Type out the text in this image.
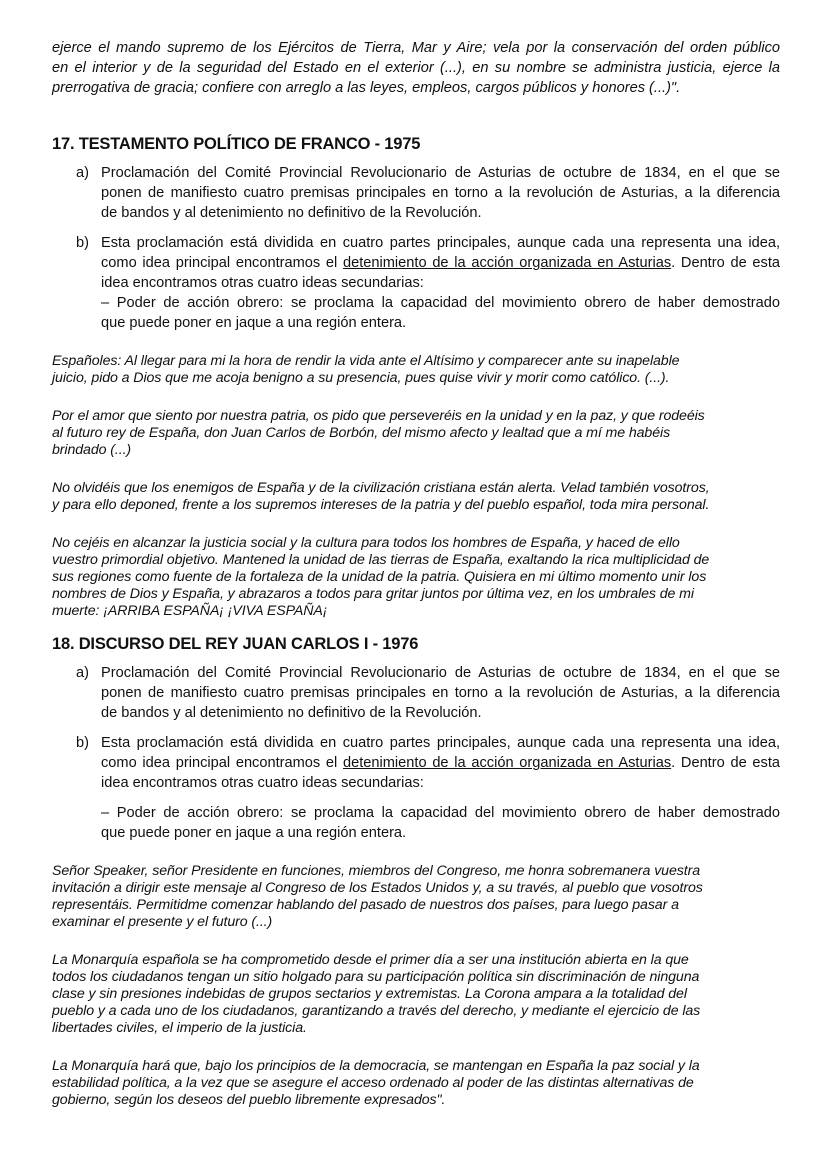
ejerce el mando supremo de los Ejércitos de Tierra, Mar y Aire; vela por la conservación del orden público
en el interior y de la seguridad del Estado en el exterior (...), en su nombre se administra justicia, ejerce la
prerrogativa de gracia; confiere con arreglo a las leyes, empleos, cargos públicos y honores (...)".
17. TESTAMENTO POLÍTICO DE FRANCO - 1975
a) Proclamación del Comité Provincial Revolucionario de Asturias de octubre de 1834, en el que se
ponen de manifiesto cuatro premisas principales en torno a la revolución de Asturias, a la diferencia
de bandos y al detenimiento no definitivo de la Revolución.
b) Esta proclamación está dividida en cuatro partes principales, aunque cada una representa una idea,
como idea principal encontramos el detenimiento de la acción organizada en Asturias. Dentro de esta
idea encontramos otras cuatro ideas secundarias:
– Poder de acción obrero: se proclama la capacidad del movimiento obrero de haber demostrado
que puede poner en jaque a una región entera.
Españoles: Al llegar para mi la hora de rendir la vida ante el Altísimo y comparecer ante su inapelable
juicio, pido a Dios que me acoja benigno a su presencia, pues quise vivir y morir como católico. (...).
Por el amor que siento por nuestra patria, os pido que perseveréis en la unidad y en la paz, y que rodeéis
al futuro rey de España, don Juan Carlos de Borbón, del mismo afecto y lealtad que a mí me habéis
brindado (...)
No olvidéis que los enemigos de España y de la civilización cristiana están alerta. Velad también vosotros,
y para ello deponed, frente a los supremos intereses de la patria y del pueblo español, toda mira personal.
No cejéis en alcanzar la justicia social y la cultura para todos los hombres de España, y haced de ello
vuestro primordial objetivo. Mantened la unidad de las tierras de España, exaltando la rica multiplicidad de
sus regiones como fuente de la fortaleza de la unidad de la patria. Quisiera en mi último momento unir los
nombres de Dios y España, y abrazaros a todos para gritar juntos por última vez, en los umbrales de mi
muerte: ¡ARRIBA ESPAÑA¡ ¡VIVA ESPAÑA¡
18. DISCURSO DEL REY JUAN CARLOS I - 1976
a) Proclamación del Comité Provincial Revolucionario de Asturias de octubre de 1834, en el que se
ponen de manifiesto cuatro premisas principales en torno a la revolución de Asturias, a la diferencia
de bandos y al detenimiento no definitivo de la Revolución.
b) Esta proclamación está dividida en cuatro partes principales, aunque cada una representa una idea,
como idea principal encontramos el detenimiento de la acción organizada en Asturias. Dentro de esta
idea encontramos otras cuatro ideas secundarias:
– Poder de acción obrero: se proclama la capacidad del movimiento obrero de haber demostrado
que puede poner en jaque a una región entera.
Señor Speaker, señor Presidente en funciones, miembros del Congreso, me honra sobremanera vuestra
invitación a dirigir este mensaje al Congreso de los Estados Unidos y, a su través, al pueblo que vosotros
representáis. Permitidme comenzar hablando del pasado de nuestros dos países, para luego pasar a
examinar el presente y el futuro (...)
La Monarquía española se ha comprometido desde el primer día a ser una institución abierta en la que
todos los ciudadanos tengan un sitio holgado para su participación política sin discriminación de ninguna
clase y sin presiones indebidas de grupos sectarios y extremistas. La Corona ampara a la totalidad del
pueblo y a cada uno de los ciudadanos, garantizando a través del derecho, y mediante el ejercicio de las
libertades civiles, el imperio de la justicia.
La Monarquía hará que, bajo los principios de la democracia, se mantengan en España la paz social y la
estabilidad política, a la vez que se asegure el acceso ordenado al poder de las distintas alternativas de
gobierno, según los deseos del pueblo libremente expresados".
